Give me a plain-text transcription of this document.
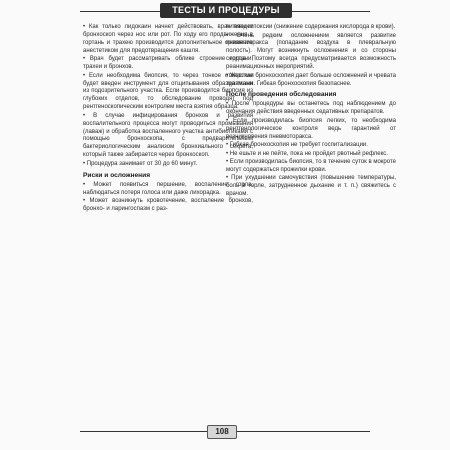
ТЕСТЫ И ПРОЦЕДУРЫ

• Как только лидокаин начнет действовать, врач введет бронхоскоп через нос или рот. По ходу его продвижения в гортань и трахею производится дополнительное орошение анестетиком для предотвращения кашля.

• Врач будет рассматривать облике строение гортани, трахеи и бронхов.

• Если необходима биопсия, то через тонкое отверстие будет введен инструмент для отщипывания образца ткани из подозрительного участка. Если производится биопсия из глубоких отделов, то обследование проводят под рентгеноскопическим контролем места взятия образца.

• В случае инфицирования бронхов и развития воспалительного процесса могут проводиться промывания (лаваж) и обработка воспаленного участка антибиотиками с помощью бронхоскопа, с предварительным бактериологическим анализом бронхиального секрета, который также забирается через бронхоскоп.

• Процедура занимает от 30 до 60 минут.

Риски и осложнения

• Может появиться першение, воспаление горла, наблюдаться потеря голоса или даже лихорадка.

• Может возникнуть кровотечение, воспаление бронхов, бронхо- и ларингоспазм с раз-

витием гипоксии (снижение содержания кислорода в крови).

• Очень редким осложнением является развитие пневмоторакса (попадание воздуха в плевральную полость). Могут возникнуть осложнения и со стороны сердца. Поэтому всегда предусматривается возможность реанимационных мероприятий.

• Жесткая бронхоскопия дает больше осложнений и чревата травмами. Гибкая бронхоскопия безопаснее.

После проведения обследования

• После процедуры вы останетесь под наблюдением до окончания действия введенных седативных препаратов.

• Если производилась биопсия легких, то необходима рентгенологическое контроля ведь гарантией от возникновения пневмоторакса.

• Гибкая бронхоскопия не требует госпитализации.

• Не ешьте и не пейте, пока не пройдет рвотный рефлекс.

• Если производилась биопсия, то в течение суток в мокроте могут содержаться прожилки крови.

• При ухудшении самочувствия (повышение температуры, боль в горле, затрудненное дыхание и т. п.) свяжитесь с врачом.

108
